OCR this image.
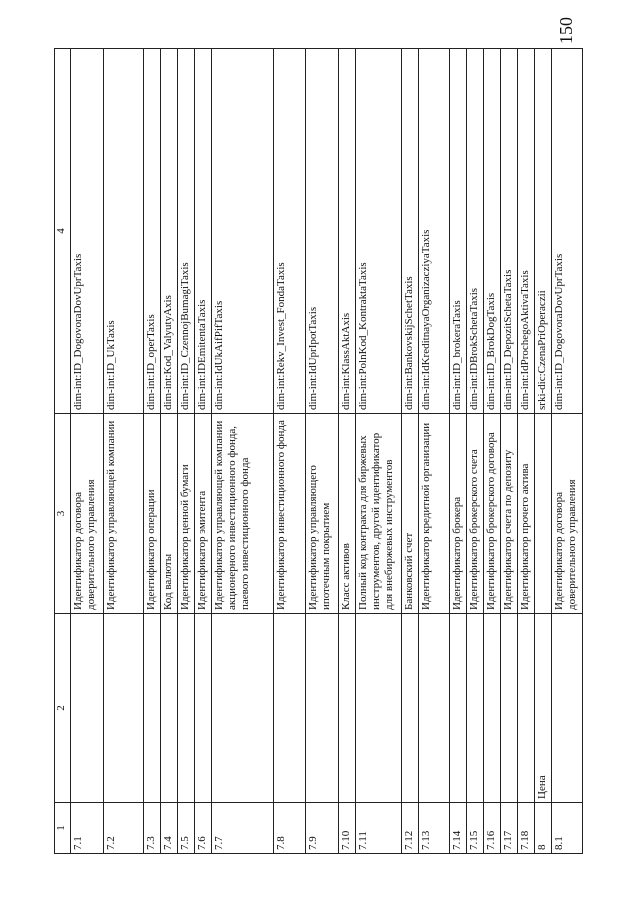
150
1	2	3	4
7.1		Идентификатор договора доверительного управления	dim-int:ID_DogovoraDovUprTaxis
7.2		Идентификатор управляющей компании	dim-int:ID_UkTaxis
7.3		Идентификатор операции	dim-int:ID_operTaxis
7.4		Код валюты	dim-int:Kod_ValyutyAxis
7.5		Идентификатор ценной бумаги	dim-int:ID_CzennojBumagiTaxis
7.6		Идентификатор эмитента	dim-int:IDEmitentaTaxis
7.7		Идентификатор управляющей компании акционерного инвестиционного фонда, паевого инвестиционного фонда	dim-int:IdUkAifPifTaxis
7.8		Идентификатор инвестиционного фонда	dim-int:Rekv_Invest_FondaTaxis
7.9		Идентификатор управляющего ипотечным покрытием	dim-int:IdUprIpotTaxis
7.10		Класс активов	dim-int:KlassAktAxis
7.11		Полный код контракта для биржевых инструментов, другой идентификатор для внебиржевых инструментов	dim-int:PolnKod_KontraktaTaxis
7.12		Банковский счет	dim-int:BankovskijSchetTaxis
7.13		Идентификатор кредитной организации	dim-int:IdKreditnayaOrganizacziyaTaxis
7.14		Идентификатор брокера	dim-int:ID_brokeraTaxis
7.15		Идентификатор брокерского счета	dim-int:IDBrokSchetaTaxis
7.16		Идентификатор брокерского договора	dim-int:ID_BrokDogTaxis
7.17		Идентификатор счета по депозиту	dim-int:ID_DepozitSchetaTaxis
7.18		Идентификатор прочего актива	dim-int:IdProchegoAktivaTaxis
8	Цена		srki-dic:CzenaPriOperaczii
8.1		Идентификатор договора доверительного управления	dim-int:ID_DogovoraDovUprTaxis
